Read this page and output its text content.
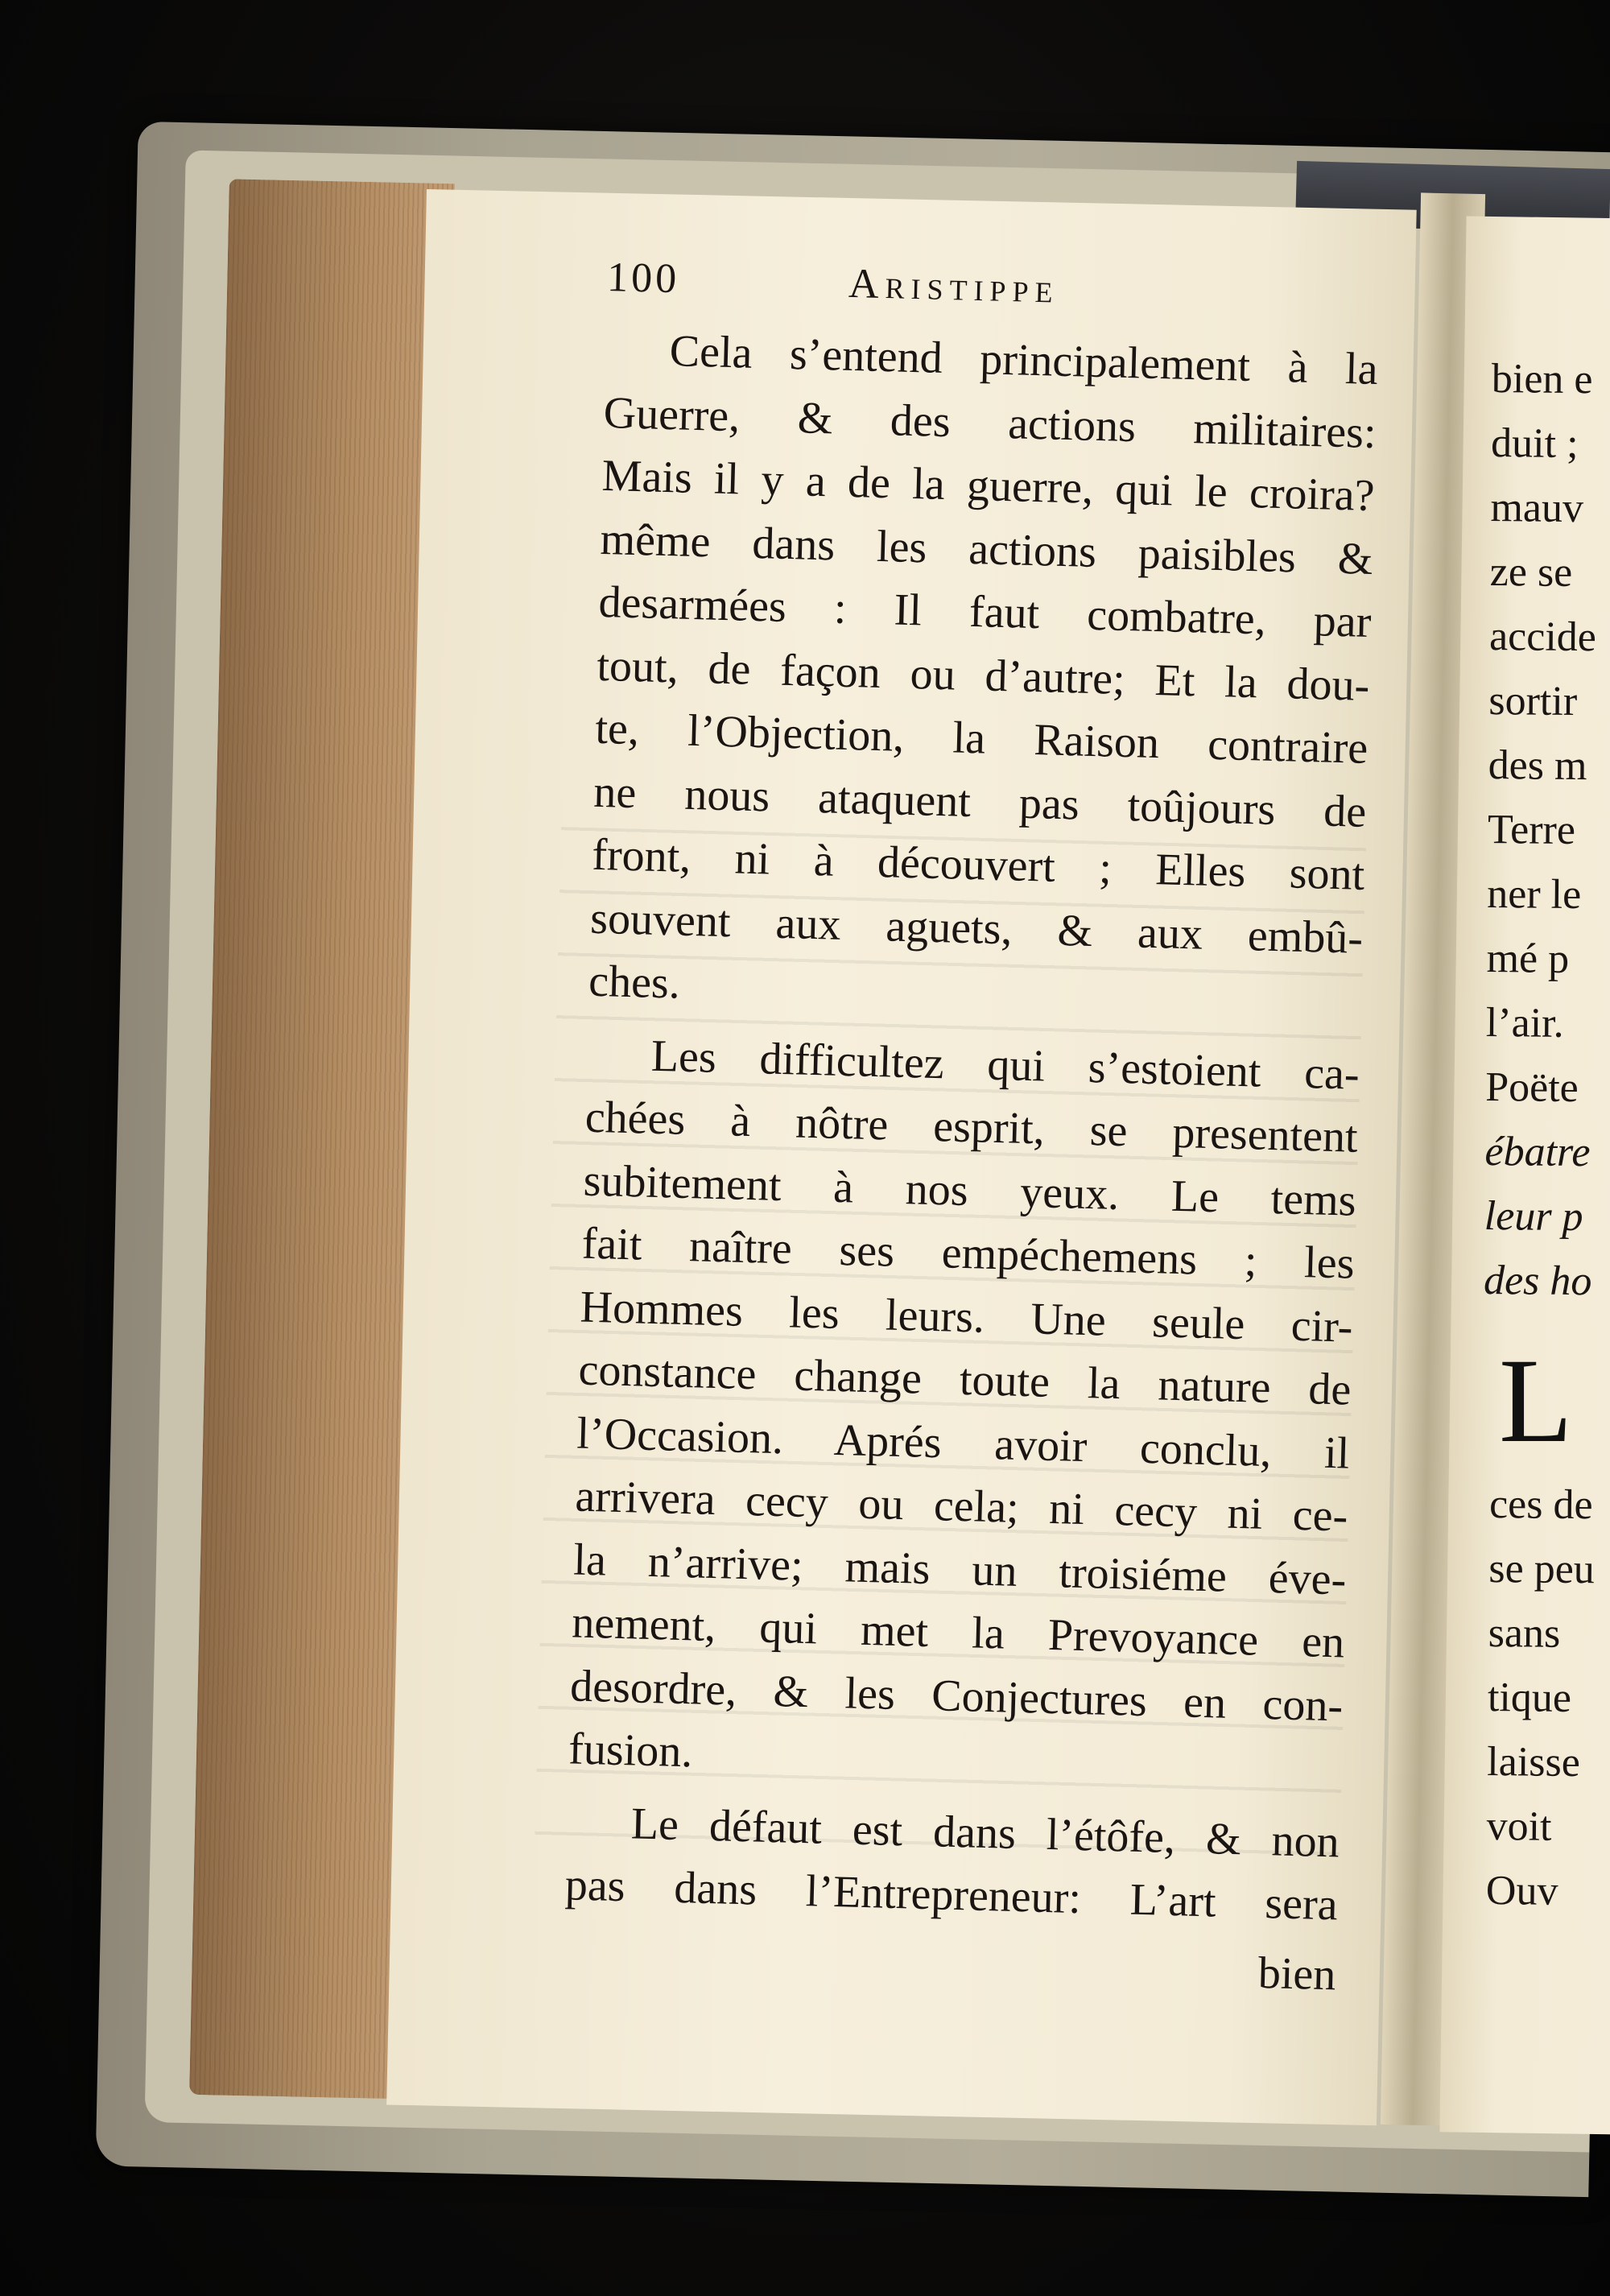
100	Aristippe
Cela s’entend principalement à la
Guerre, & des actions militaires:
Mais il y a de la guerre, qui le croira?
même dans les actions paisibles &
desarmées : Il faut combatre, par
tout, de façon ou d’autre; Et la dou-
te, l’Objection, la Raison contraire
ne nous ataquent pas toûjours de
front, ni à découvert ; Elles sont
souvent aux aguets, & aux embû-
ches.
Les difficultez qui s’estoient ca-
chées à nôtre esprit, se presentent
subitement à nos yeux. Le tems
fait naître ses empéchemens ; les
Hommes les leurs. Une seule cir-
constance change toute la nature de
l’Occasion. Aprés avoir conclu, il
arrivera cecy ou cela; ni cecy ni ce-
la n’arrive; mais un troisiéme éve-
nement, qui met la Prevoyance en
desordre, & les Conjectures en con-
fusion.
Le défaut est dans l’étôfe, & non
pas dans l’Entrepreneur: L’art sera
bien
bien e
duit ;
mauv
ze se
accide
sortir
des m
Terre
ner le
mé p
l’air.
Poëte
ébatre
leur p
des ho
L
ces de
se peu
sans
tique
laisse
voit
Ouv
